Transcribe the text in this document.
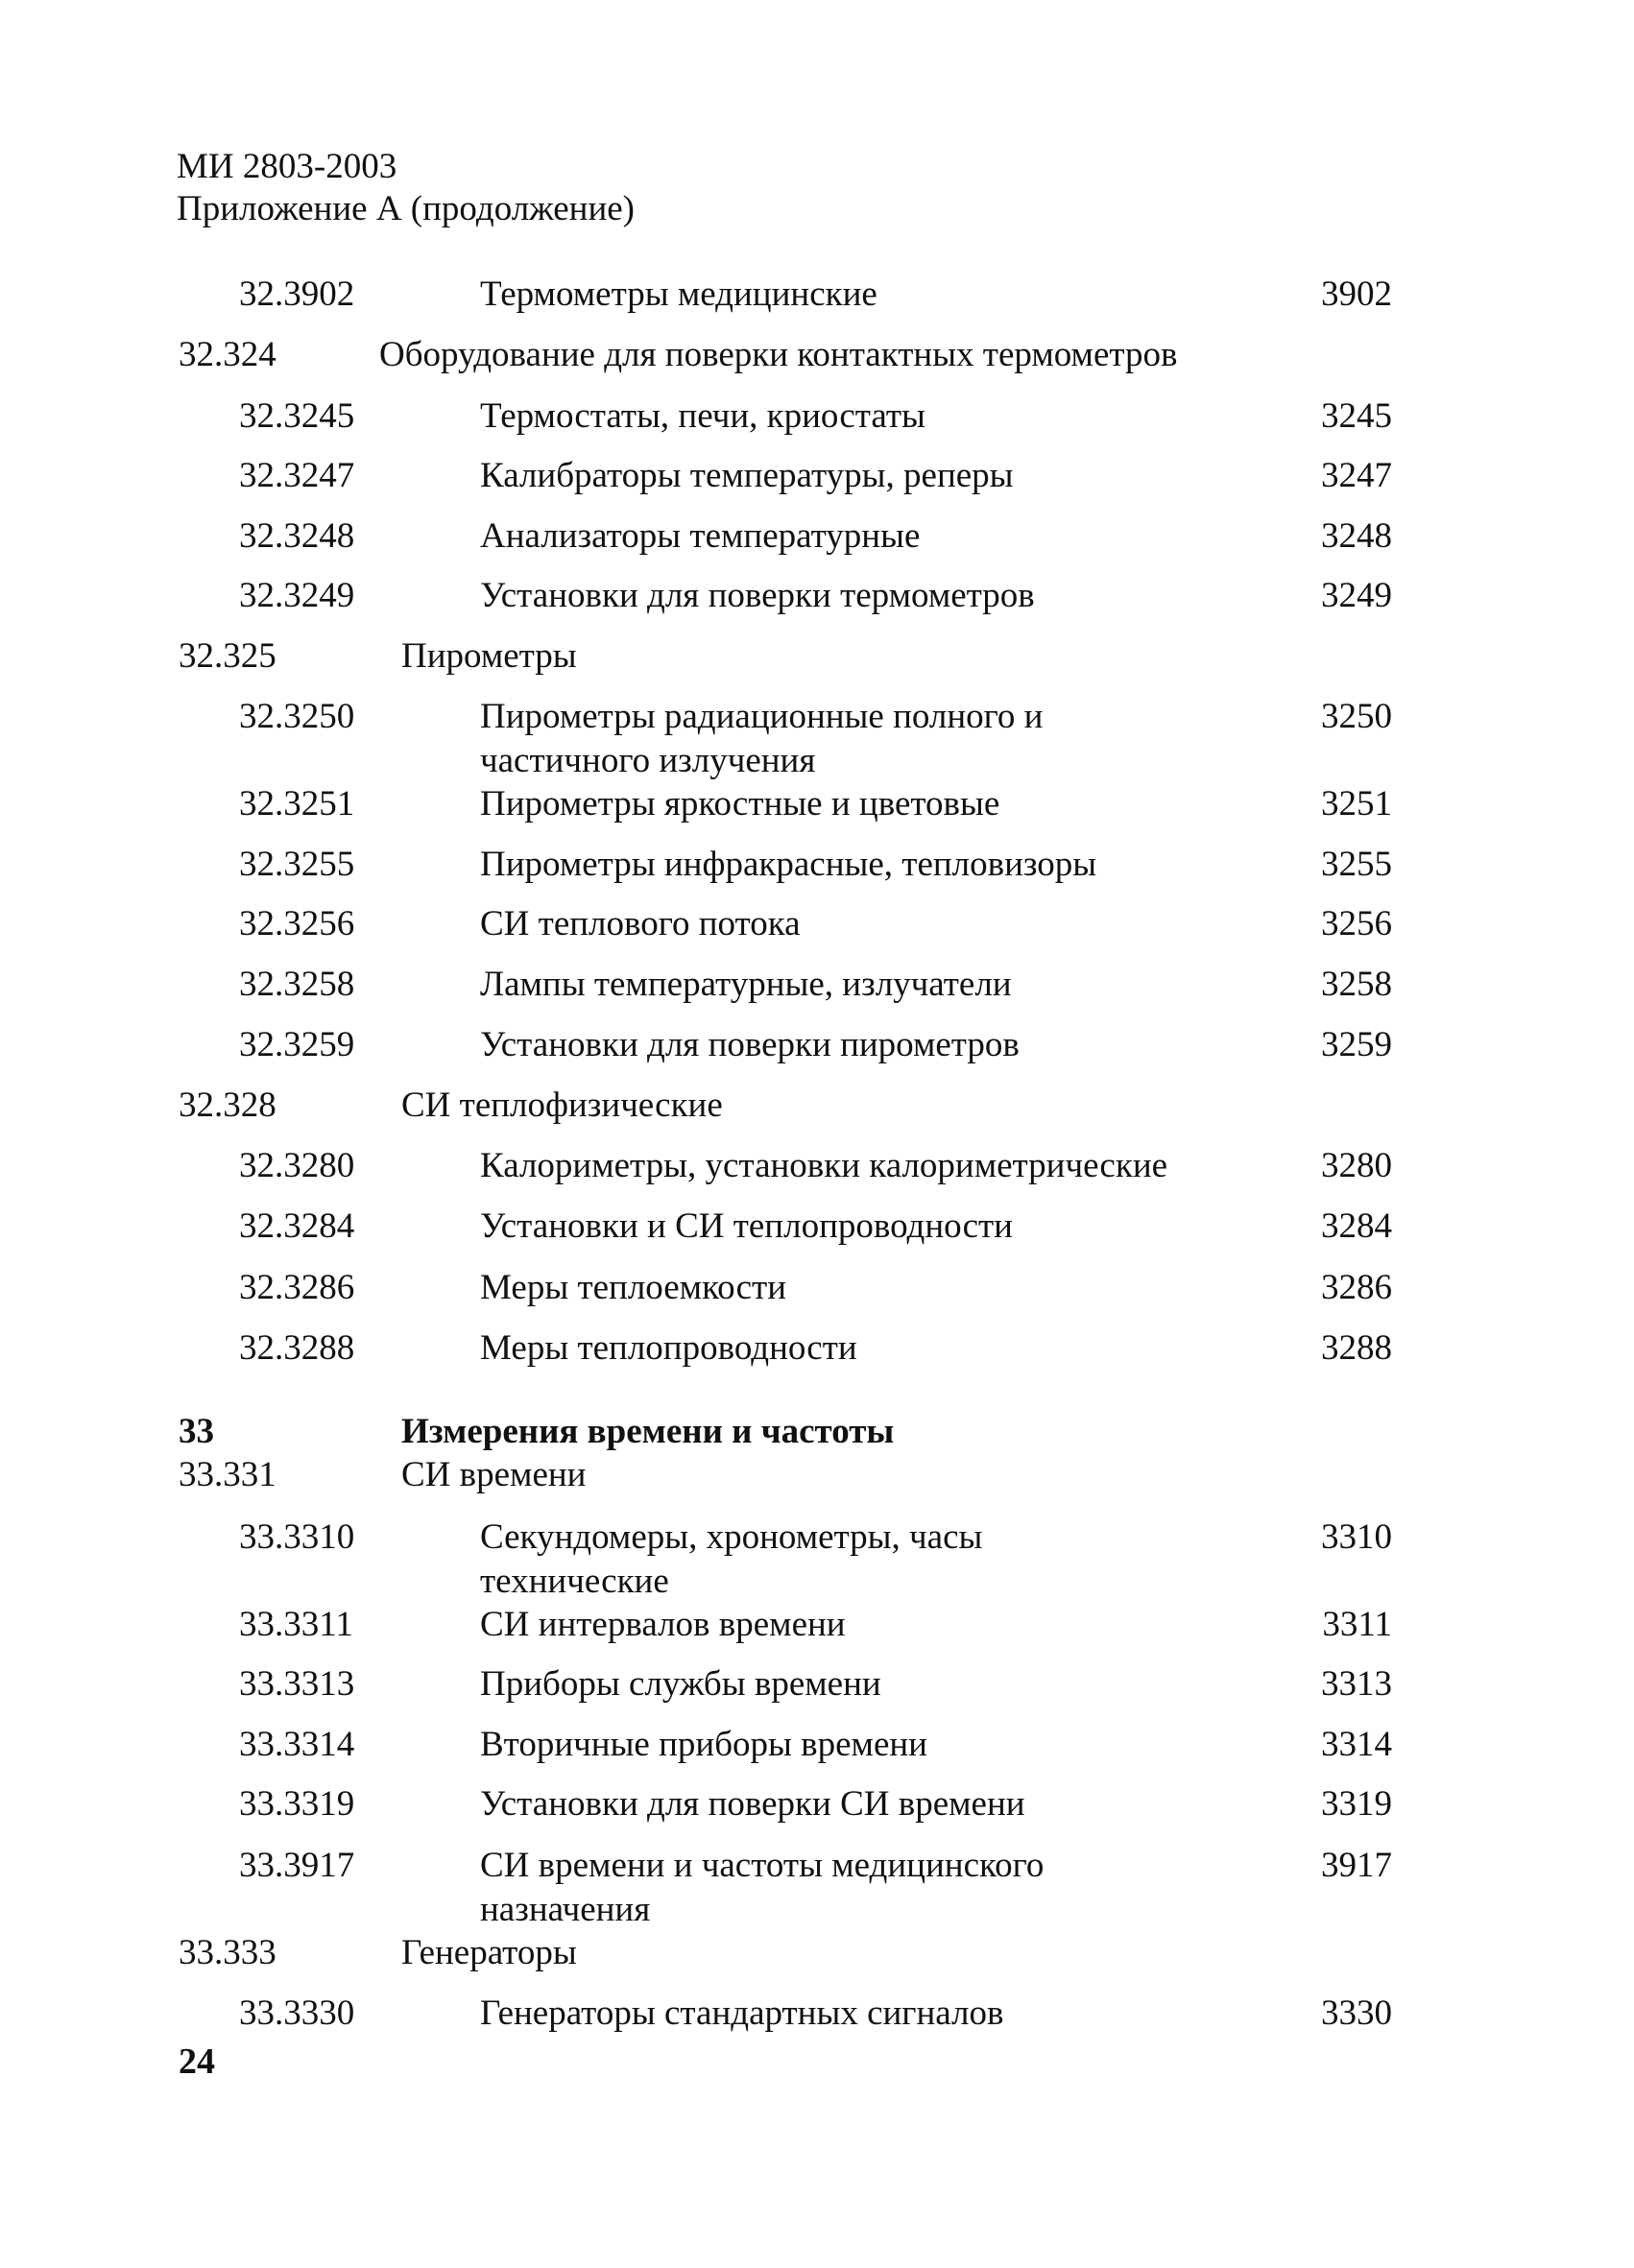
МИ 2803-2003
Приложение А (продолжение)
32.3902	Термометры медицинские	3902
32.324	Оборудование для поверки контактных термометров
32.3245	Термостаты, печи, криостаты	3245
32.3247	Калибраторы температуры, реперы	3247
32.3248	Анализаторы температурные	3248
32.3249	Установки для поверки термометров	3249
32.325	Пирометры
32.3250	Пирометры радиационные полного и	3250
частичного излучения
32.3251	Пирометры яркостные и цветовые	3251
32.3255	Пирометры инфракрасные, тепловизоры	3255
32.3256	СИ теплового потока	3256
32.3258	Лампы температурные, излучатели	3258
32.3259	Установки для поверки пирометров	3259
32.328	СИ теплофизические
32.3280	Калориметры, установки калориметрические	3280
32.3284	Установки и СИ теплопроводности	3284
32.3286	Меры теплоемкости	3286
32.3288	Меры теплопроводности	3288
33	Измерения времени и частоты
33.331	СИ времени
33.3310	Секундомеры, хронометры, часы	3310
технические
33.3311	СИ интервалов времени	3311
33.3313	Приборы службы времени	3313
33.3314	Вторичные приборы времени	3314
33.3319	Установки для поверки СИ времени	3319
33.3917	СИ времени и частоты медицинского	3917
назначения
33.333	Генераторы
33.3330	Генераторы стандартных сигналов	3330
24
